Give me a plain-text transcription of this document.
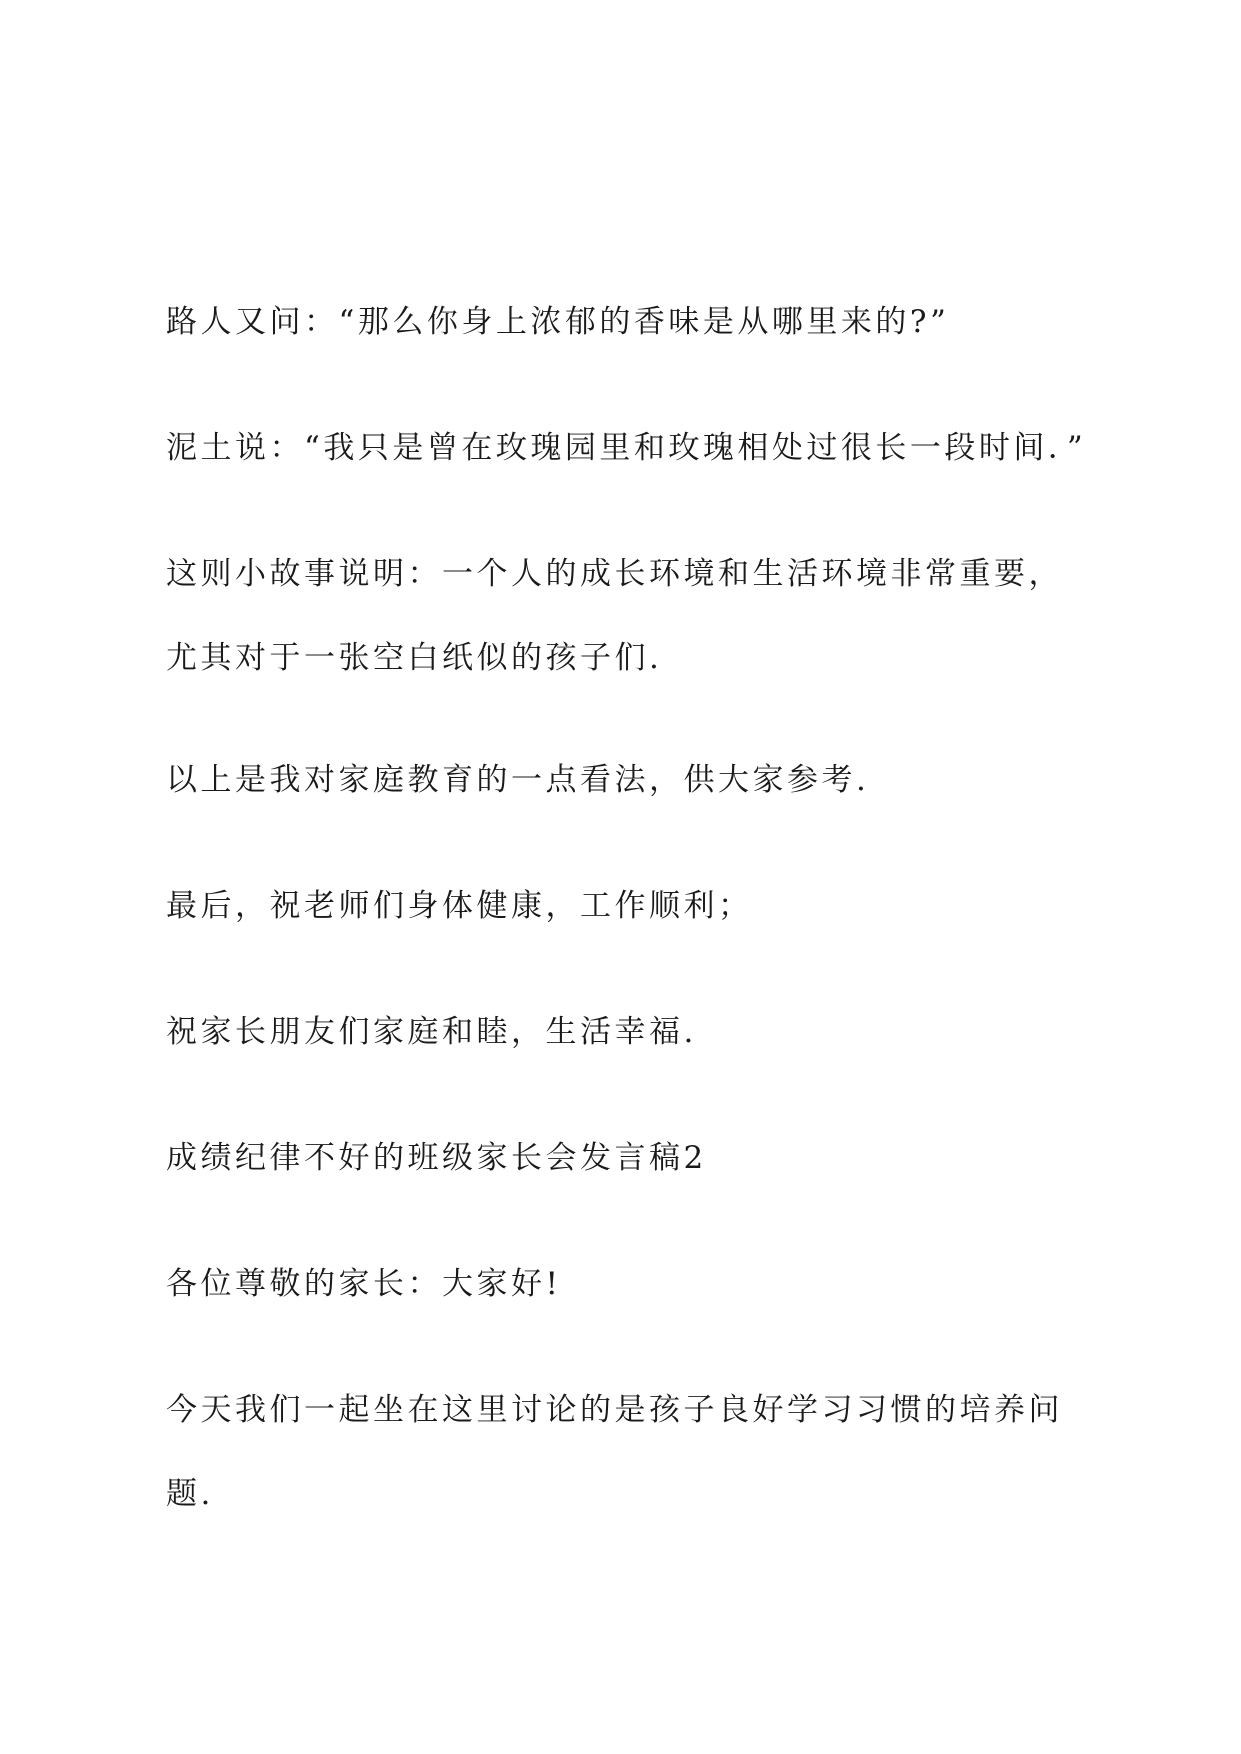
路人又问：“那么你身上浓郁的香味是从哪里来的?”

泥土说：“我只是曾在玫瑰园里和玫瑰相处过很长一段时间．”

这则小故事说明：一个人的成长环境和生活环境非常重要，尤其对于一张空白纸似的孩子们.

以上是我对家庭教育的一点看法，供大家参考.

最后，祝老师们身体健康，工作顺利；

祝家长朋友们家庭和睦，生活幸福.

成绩纪律不好的班级家长会发言稿2

各位尊敬的家长：大家好!

今天我们一起坐在这里讨论的是孩子良好学习习惯的培养问题.
